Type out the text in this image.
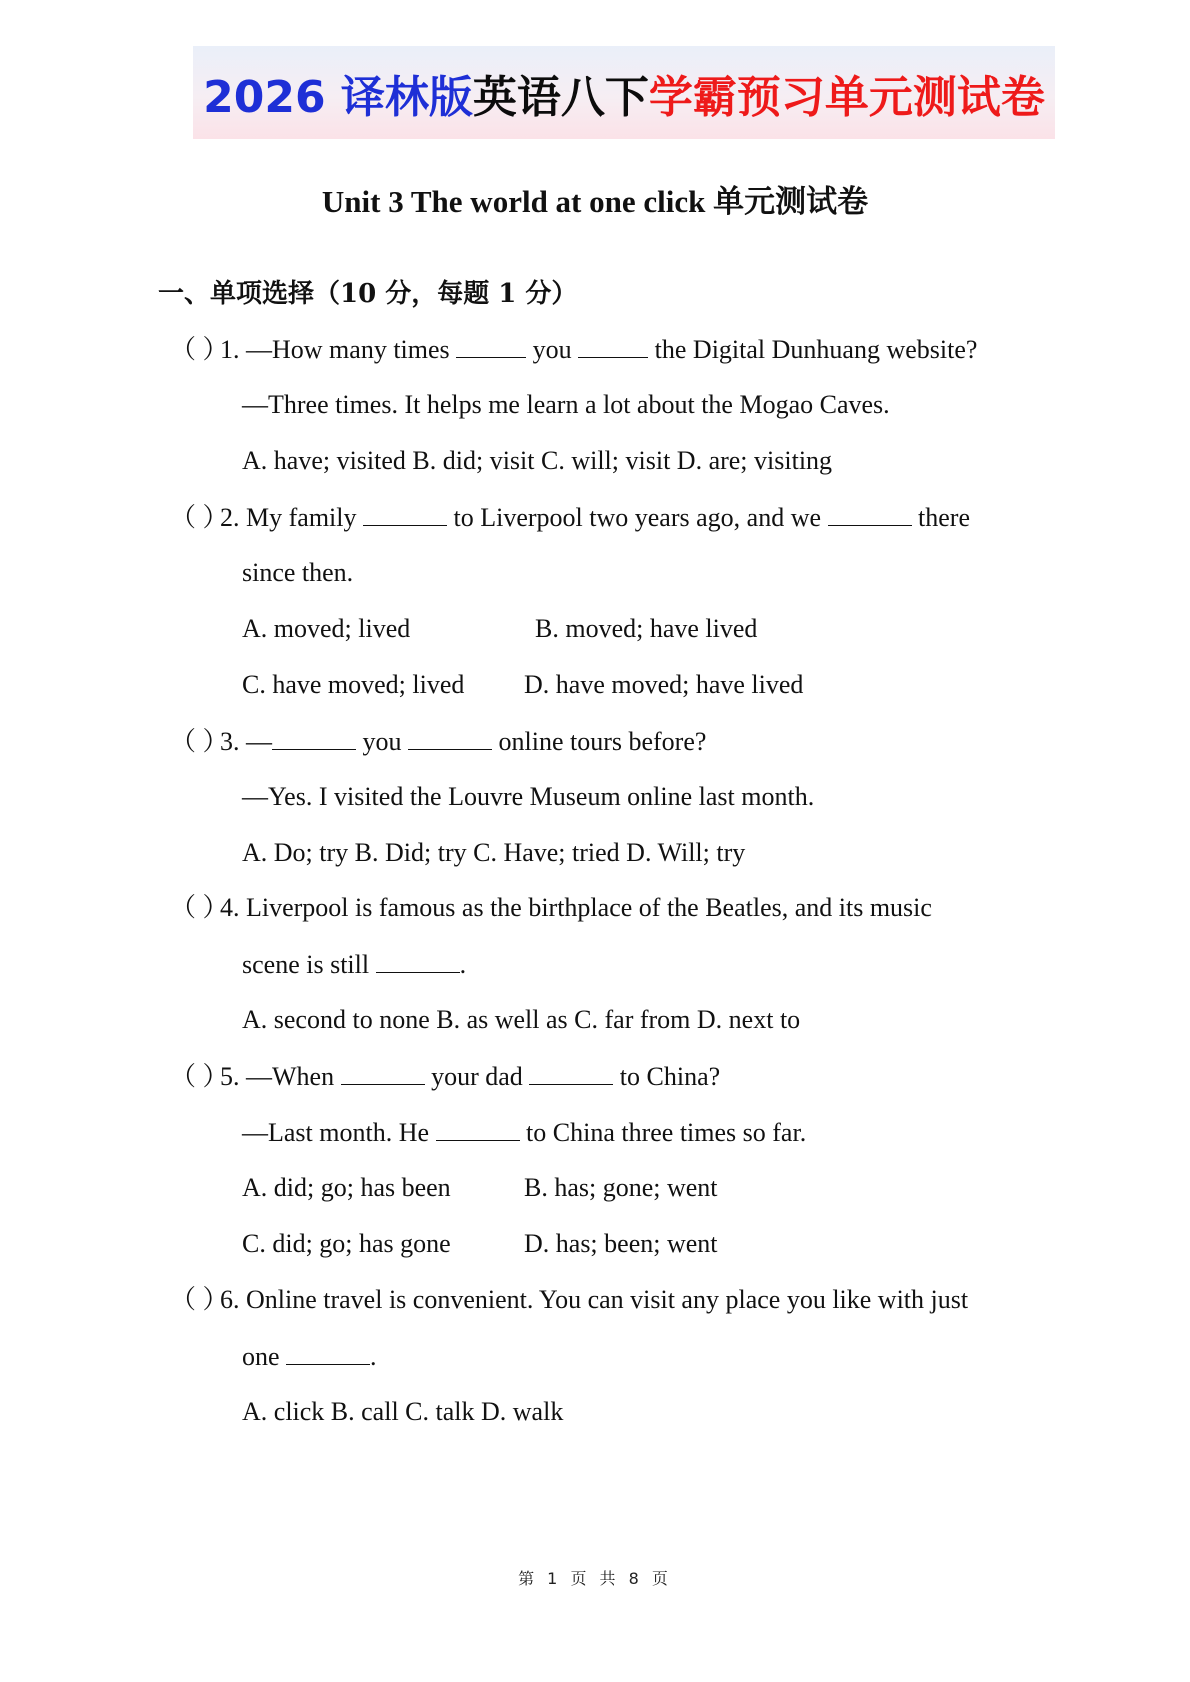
2026 译林版 英语八下 学霸预习单元测试卷
Unit 3 The world at one click 单元测试卷
一、单项选择（10 分，每题 1 分）
（ ）1. —How many times	you	the Digital Dunhuang website?
—Three times. It helps me learn a lot about the Mogao Caves.
A. have; visited B. did; visit C. will; visit D. are; visiting
（ ）2. My family	to Liverpool two years ago, and we	there
since then.
A. moved; lived	B. moved; have lived
C. have moved; lived D. have moved; have lived
（ ）3. —	you	online tours before?
—Yes. I visited the Louvre Museum online last month.
A. Do; try B. Did; try C. Have; tried D. Will; try
（ ）4. Liverpool is famous as the birthplace of the Beatles, and its music
scene is still	.
A. second to none B. as well as C. far from D. next to
（ ）5. —When	your dad	to China?
—Last month. He	to China three times so far.
A. did; go; has been	B. has; gone; went
C. did; go; has gone	D. has; been; went
（ ）6. Online travel is convenient. You can visit any place you like with just
one	.
A. click B. call C. talk D. walk
第 1 页 共 8 页
